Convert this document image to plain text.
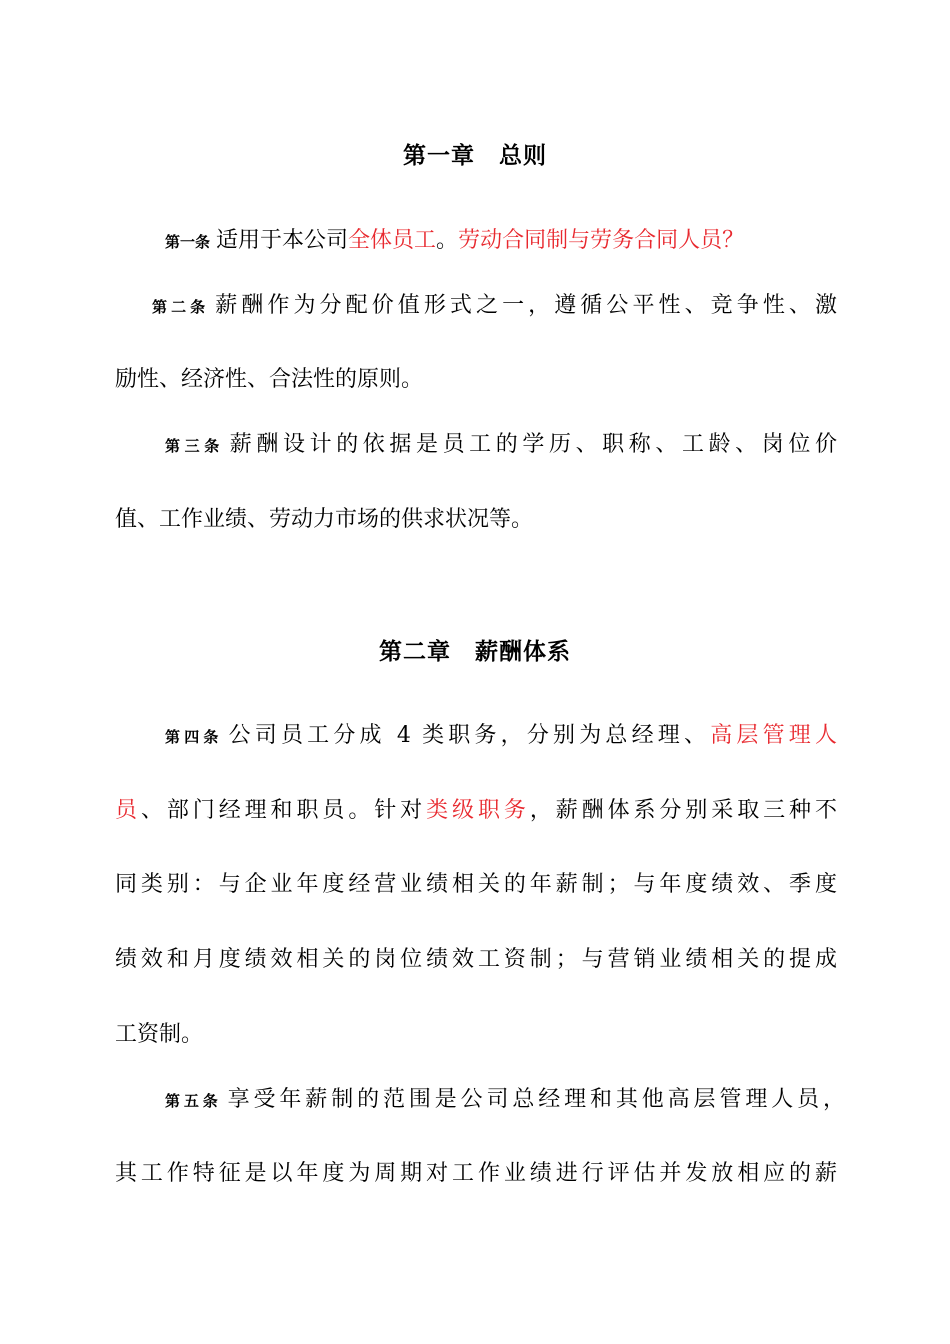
第一章　总则
第一条 适用于本公司全体员工。劳动合同制与劳务合同人员？
第二条 薪酬作为分配价值形式之一，遵循公平性、竞争性、激
励性、经济性、合法性的原则。
第三条 薪酬设计的依据是员工的学历、职称、工龄、岗位价
值、工作业绩、劳动力市场的供求状况等。
第二章　薪酬体系
第四条 公司员工分成 4 类职务，分别为总经理、高层管理人
员、部门经理和职员。针对类级职务，薪酬体系分别采取三种不
同类别：与企业年度经营业绩相关的年薪制；与年度绩效、季度
绩效和月度绩效相关的岗位绩效工资制；与营销业绩相关的提成
工资制。
第五条 享受年薪制的范围是公司总经理和其他高层管理人员，
其工作特征是以年度为周期对工作业绩进行评估并发放相应的薪
